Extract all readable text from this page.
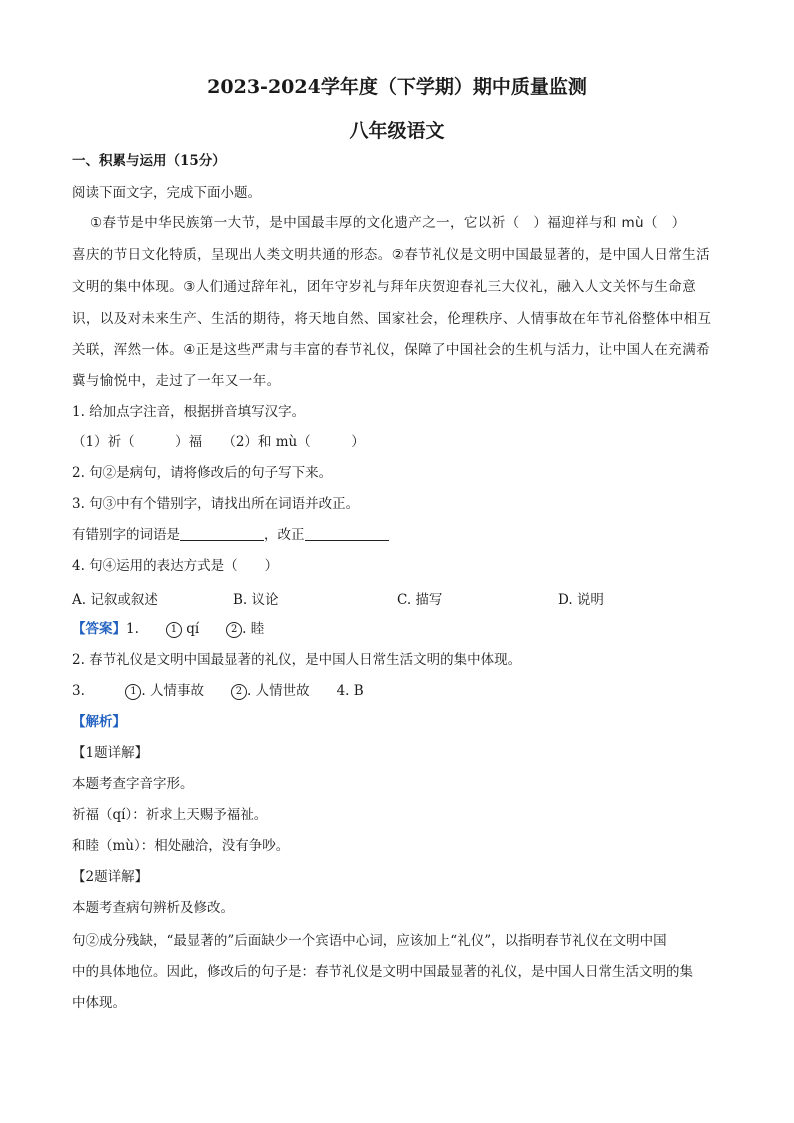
2023-2024学年度（下学期）期中质量监测
八年级语文
一、积累与运用（15分）
阅读下面文字，完成下面小题。
①春节是中华民族第一大节，是中国最丰厚的文化遗产之一，它以祈（　）福迎祥与和 mù（　）
喜庆的节日文化特质，呈现出人类文明共通的形态。②春节礼仪是文明中国最显著的，是中国人日常生活
文明的集中体现。③人们通过辞年礼，团年守岁礼与拜年庆贺迎春礼三大仪礼，融入人文关怀与生命意
识，以及对未来生产、生活的期待，将天地自然、国家社会，伦理秩序、人情事故在年节礼俗整体中相互
关联，浑然一体。④正是这些严肃与丰富的春节礼仪，保障了中国社会的生机与活力，让中国人在充满希
冀与愉悦中，走过了一年又一年。
1. 给加点字注音，根据拼音填写汉字。
（1）祈（　　　）福　　（2）和 mù（　　　）
2. 句②是病句，请将修改后的句子写下来。
3. 句③中有个错别字，请找出所在词语并改正。
有错别字的词语是	，改正
4. 句④运用的表达方式是（　　）
A. 记叙或叙述	B. 议论	C. 描写	D. 说明
【答案】1.　　	1 qí　　	2 . 睦
2. 春节礼仪是文明中国最显著的礼仪，是中国人日常生活文明的集中体现。
3.　　　	1 . 人情事故　　	2 . 人情世故　　 4. B
【解析】
【1题详解】
本题考查字音字形。
祈福（qí）：祈求上天赐予福祉。
和睦（mù）：相处融洽，没有争吵。
【2题详解】
本题考查病句辨析及修改。
句②成分残缺，“最显著的”后面缺少一个宾语中心词，应该加上“礼仪”，以指明春节礼仪在文明中国
中的具体地位。因此，修改后的句子是：春节礼仪是文明中国最显著的礼仪，是中国人日常生活文明的集
中体现。
